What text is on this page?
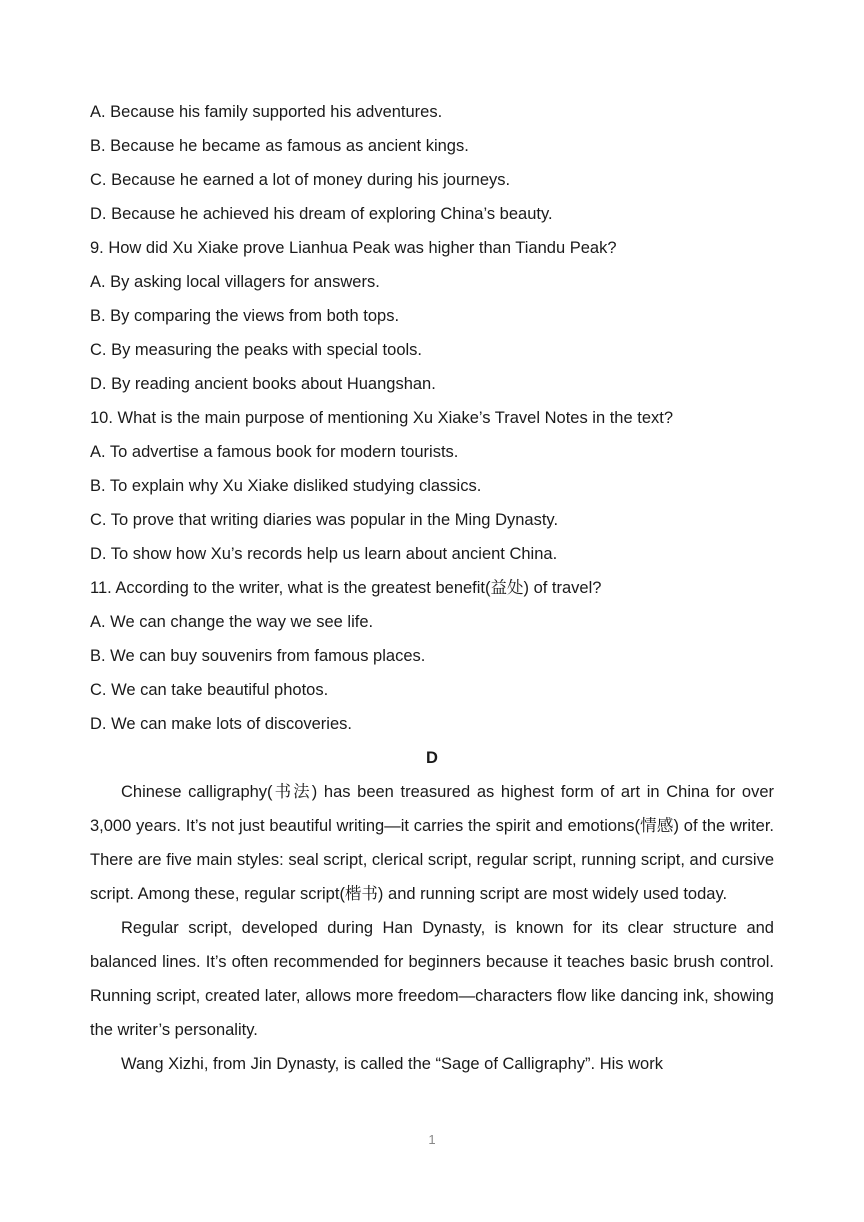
A. Because his family supported his adventures.
B. Because he became as famous as ancient kings.
C. Because he earned a lot of money during his journeys.
D. Because he achieved his dream of exploring China’s beauty.
9. How did Xu Xiake prove Lianhua Peak was higher than Tiandu Peak?
A. By asking local villagers for answers.
B. By comparing the views from both tops.
C. By measuring the peaks with special tools.
D. By reading ancient books about Huangshan.
10. What is the main purpose of mentioning Xu Xiake’s Travel Notes in the text?
A. To advertise a famous book for modern tourists.
B. To explain why Xu Xiake disliked studying classics.
C. To prove that writing diaries was popular in the Ming Dynasty.
D. To show how Xu’s records help us learn about ancient China.
11. According to the writer, what is the greatest benefit(益处) of travel?
A. We can change the way we see life.
B. We can buy souvenirs from famous places.
C. We can take beautiful photos.
D. We can make lots of discoveries.
D

Chinese calligraphy(书法) has been treasured as highest form of art in China for over 3,000 years. It’s not just beautiful writing—it carries the spirit and emotions(情感) of the writer. There are five main styles: seal script, clerical script, regular script, running script, and cursive script. Among these, regular script(楷书) and running script are most widely used today.

Regular script, developed during Han Dynasty, is known for its clear structure and balanced lines. It’s often recommended for beginners because it teaches basic brush control. Running script, created later, allows more freedom—characters flow like dancing ink, showing the writer’s personality.

Wang Xizhi, from Jin Dynasty, is called the “Sage of Calligraphy”. His work

1
